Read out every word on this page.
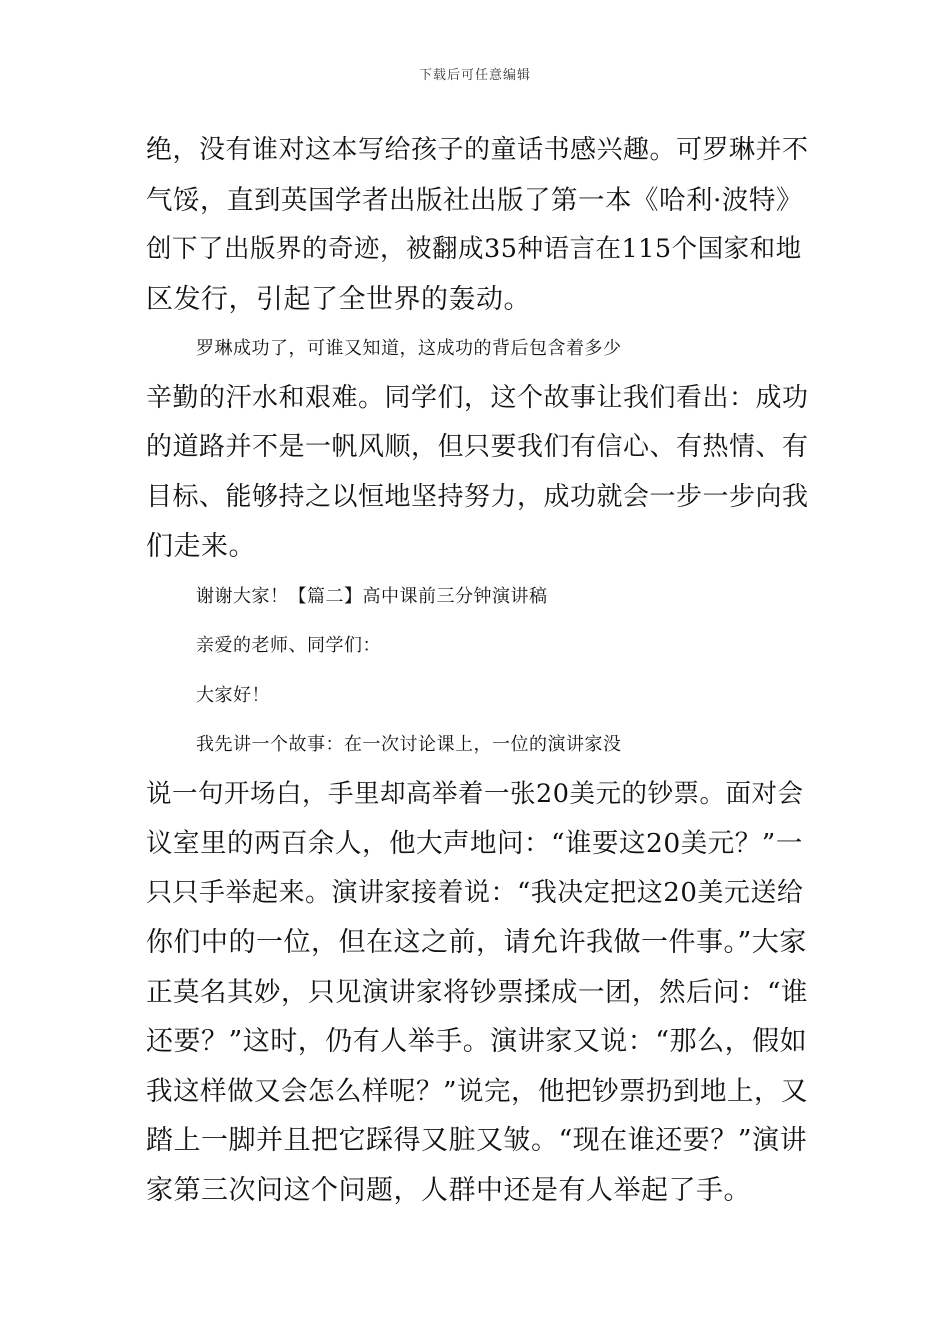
下载后可任意编辑
绝，没有谁对这本写给孩子的童话书感兴趣。可罗琳并不
气馁，直到英国学者出版社出版了第一本《哈利·波特》
创下了出版界的奇迹，被翻成35种语言在115个国家和地
区发行，引起了全世界的轰动。
罗琳成功了，可谁又知道，这成功的背后包含着多少
辛勤的汗水和艰难。同学们，这个故事让我们看出：成功
的道路并不是一帆风顺，但只要我们有信心、有热情、有
目标、能够持之以恒地坚持努力，成功就会一步一步向我
们走来。
谢谢大家！【篇二】高中课前三分钟演讲稿
亲爱的老师、同学们：
大家好！
我先讲一个故事：在一次讨论课上，一位的演讲家没
说一句开场白，手里却高举着一张20美元的钞票。面对会
议室里的两百余人，他大声地问：“谁要这20美元？”一
只只手举起来。演讲家接着说：“我决定把这20美元送给
你们中的一位，但在这之前，请允许我做一件事。”大家
正莫名其妙，只见演讲家将钞票揉成一团，然后问：“谁
还要？”这时，仍有人举手。演讲家又说：“那么，假如
我这样做又会怎么样呢？”说完，他把钞票扔到地上，又
踏上一脚并且把它踩得又脏又皱。“现在谁还要？”演讲
家第三次问这个问题，人群中还是有人举起了手。
